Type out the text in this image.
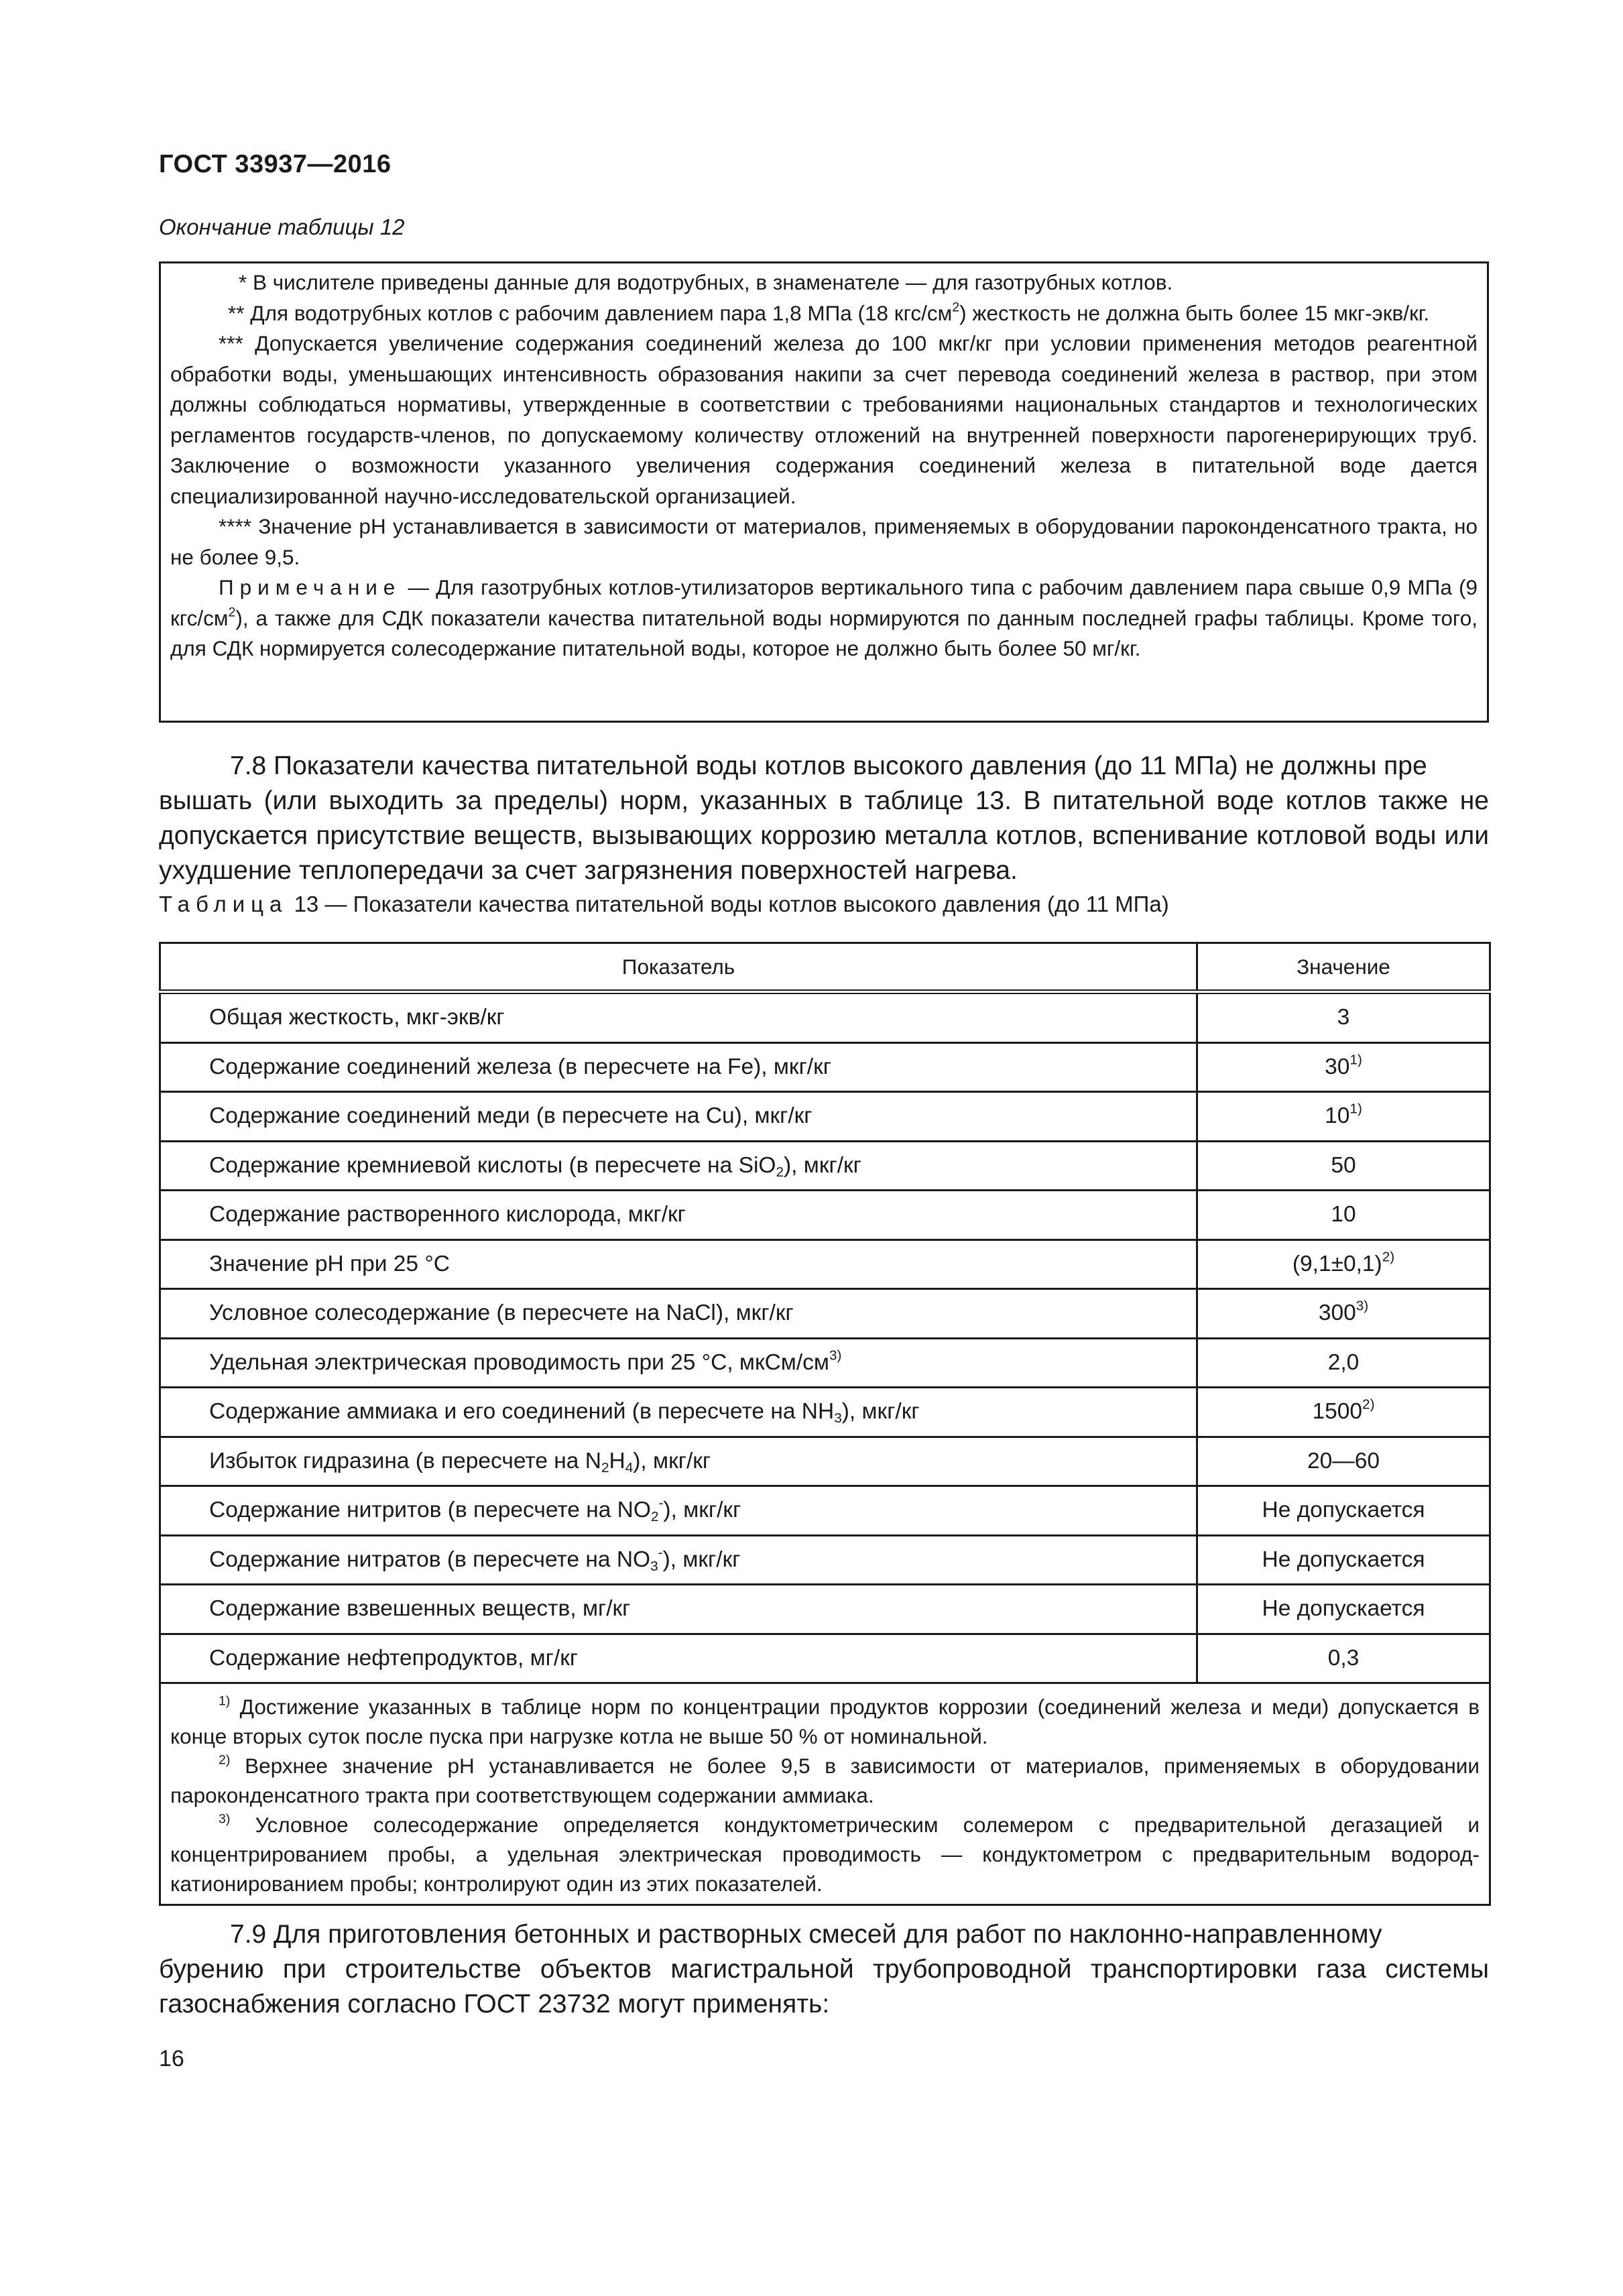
ГОСТ 33937—2016
Окончание таблицы 12

* В числителе приведены данные для водотрубных, в знаменателе — для газотрубных котлов.

** Для водотрубных котлов с рабочим давлением пара 1,8 МПа (18 кгс/$см^2$) жесткость не должна быть более 15 мкг-экв/кг.

*** Допускается увеличение содержания соединений железа до 100 мкг/кг при условии применения методов реагентной обработки воды, уменьшающих интенсивность образования накипи за счет перевода соединений железа в раствор, при этом должны соблюдаться нормативы, утвержденные в соответствии с требованиями национальных стандартов и технологических регламентов государств-членов, по допускаемому количеству отложений на внутренней поверхности парогенерирующих труб. Заключение о возможности указанного увеличения содержания соединений железа в питательной воде дается специализированной научно-исследовательской организацией.

**** Значение рН устанавливается в зависимости от материалов, применяемых в оборудовании пароконденсатного тракта, но не более 9,5.

Примечание — Для газотрубных котлов-утилизаторов вертикального типа с рабочим давлением пара свыше 0,9 МПа (9 кгс/$см^2$), а также для СДК показатели качества питательной воды нормируются по данным последней графы таблицы. Кроме того, для СДК нормируется солесодержание питательной воды, которое не должно быть более 50 мг/кг.

7.8 Показатели качества питательной воды котлов высокого давления (до 11 МПа) не должны пре
вышать (или выходить за пределы) норм, указанных в таблице 13. В питательной воде котлов также не допускается присутствие веществ, вызывающих коррозию металла котлов, вспенивание котловой воды или ухудшение теплопередачи за счет загрязнения поверхностей нагрева.
Таблица 13 — Показатели качества питательной воды котлов высокого давления (до 11 МПа)
Показатель	Значение
Общая жесткость, мкг-экв/кг	3
Содержание соединений железа (в пересчете на Fe), мкг/кг	30$^{1)}$
Содержание соединений меди (в пересчете на Cu), мкг/кг	10$^{1)}$
Содержание кремниевой кислоты (в пересчете на SiO$_2$), мкг/кг	50
Содержание растворенного кислорода, мкг/кг	10
Значение рН при 25 °С	$(9,1\pm 0,1)^{2)}$
Условное солесодержание (в пересчете на NaCl), мкг/кг	300$^{3)}$
Удельная электрическая проводимость при 25 °С, мкСм/$см^{3)}$	2,0
Содержание аммиака и его соединений (в пересчете на $NH_3$), мкг/кг	1500$^{2)}$
Избыток гидразина (в пересчете на $N_2H_4$), мкг/кг	20—60
Содержание нитритов (в пересчете на $NO_2^-$), мкг/кг	Не допускается
Содержание нитратов (в пересчете на $NO_3^-$), мкг/кг	Не допускается
Содержание взвешенных веществ, мг/кг	Не допускается
Содержание нефтепродуктов, мг/кг	0,3

$^{1)}$ Достижение указанных в таблице норм по концентрации продуктов коррозии (соединений железа и меди) допускается в конце вторых суток после пуска при нагрузке котла не выше 50 % от номинальной.

$^{2)}$ Верхнее значение рН устанавливается не более 9,5 в зависимости от материалов, применяемых в оборудовании пароконденсатного тракта при соответствующем содержании аммиака.

$^{3)}$ Условное солесодержание определяется кондуктометрическим солемером с предварительной дегазацией и концентрированием пробы, а удельная электрическая проводимость — кондуктометром с предварительным водород-катионированием пробы; контролируют один из этих показателей.	

7.9 Для приготовления бетонных и растворных смесей для работ по наклонно-направленному
бурению при строительстве объектов магистральной трубопроводной транспортировки газа системы газоснабжения согласно ГОСТ 23732 могут применять:
16
